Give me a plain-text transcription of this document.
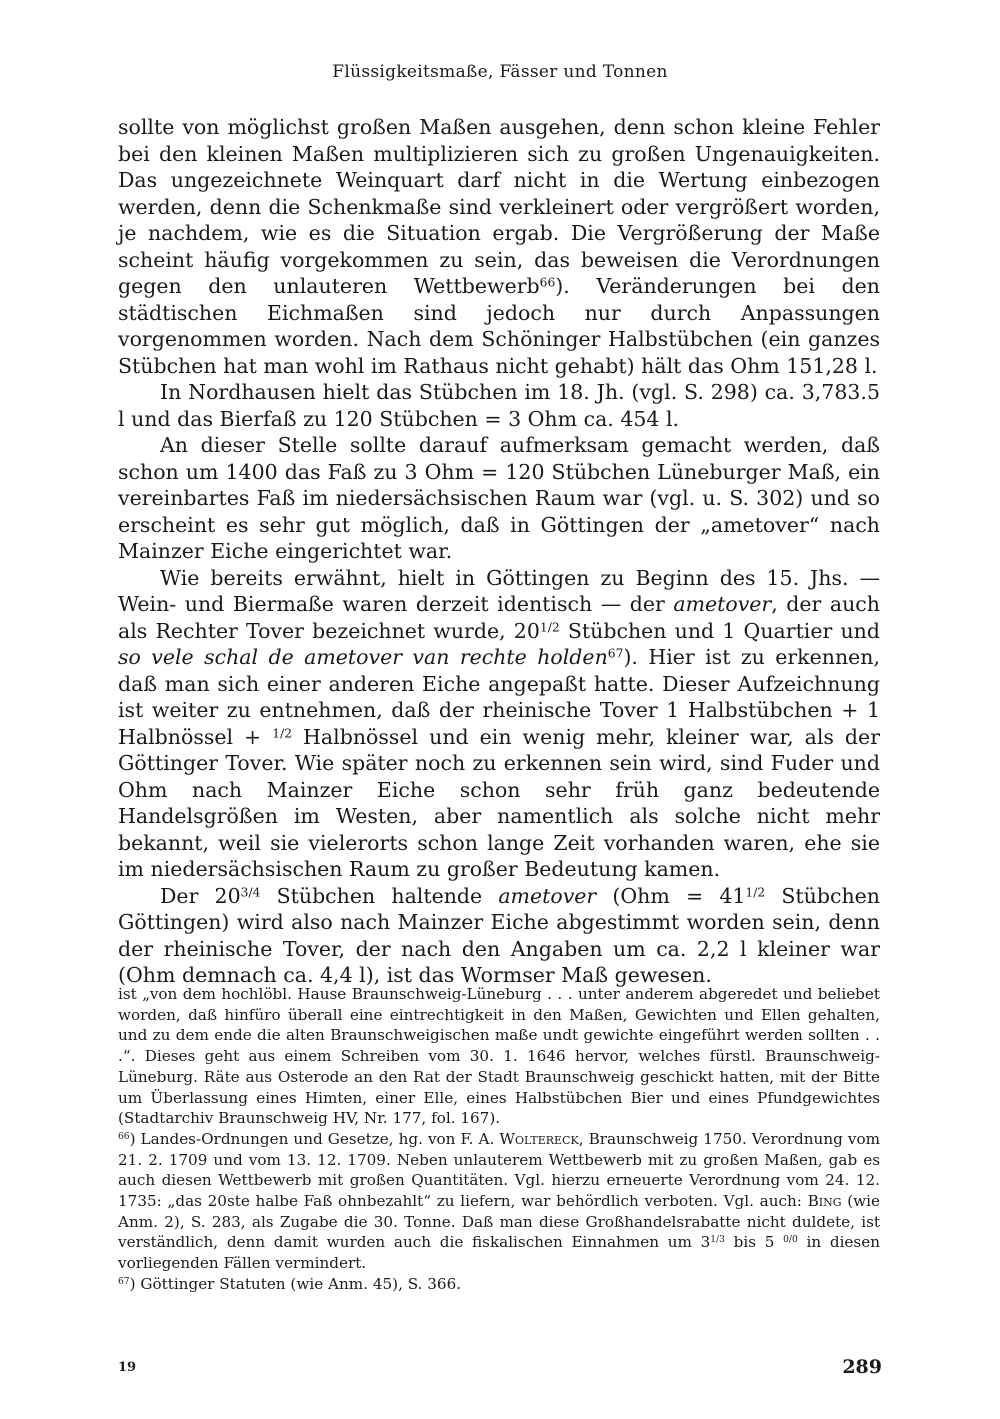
Flüssigkeitsmaße, Fässer und Tonnen

sollte von möglichst großen Maßen ausgehen, denn schon kleine Fehler bei den kleinen Maßen multiplizieren sich zu großen Ungenauigkeiten. Das ungezeichnete Weinquart darf nicht in die Wertung einbezogen werden, denn die Schenkmaße sind verkleinert oder vergrößert worden, je nachdem, wie es die Situation ergab. Die Vergrößerung der Maße scheint häufig vorgekommen zu sein, das beweisen die Verordnungen gegen den unlauteren Wettbewerb$^{66}$). Veränderungen bei den städtischen Eichmaßen sind jedoch nur durch Anpassungen vorgenommen worden. Nach dem Schöninger Halbstübchen (ein ganzes Stübchen hat man wohl im Rathaus nicht gehabt) hält das Ohm 151,28 l.

In Nordhausen hielt das Stübchen im 18. Jh. (vgl. S. 298) ca. 3,783.5 l und das Bierfaß zu 120 Stübchen = 3 Ohm ca. 454 l.

An dieser Stelle sollte darauf aufmerksam gemacht werden, daß schon um 1400 das Faß zu 3 Ohm = 120 Stübchen Lüneburger Maß, ein vereinbartes Faß im niedersächsischen Raum war (vgl. u. S. 302) und so erscheint es sehr gut möglich, daß in Göttingen der „ametover“ nach Mainzer Eiche eingerichtet war.

Wie bereits erwähnt, hielt in Göttingen zu Beginn des 15. Jhs. — Wein- und Biermaße waren derzeit identisch — der ametover, der auch als Rechter Tover bezeichnet wurde, $20^{1/2}$ Stübchen und 1 Quartier und so vele schal de ametover van rechte holden$^{67}$). Hier ist zu erkennen, daß man sich einer anderen Eiche angepaßt hatte. Dieser Aufzeichnung ist weiter zu entnehmen, daß der rheinische Tover 1 Halbstübchen + 1 Halbnössel + $^{1/2}$ Halbnössel und ein wenig mehr, kleiner war, als der Göttinger Tover. Wie später noch zu erkennen sein wird, sind Fuder und Ohm nach Mainzer Eiche schon sehr früh ganz bedeutende Handelsgrößen im Westen, aber namentlich als solche nicht mehr bekannt, weil sie vielerorts schon lange Zeit vorhanden waren, ehe sie im niedersächsischen Raum zu großer Bedeutung kamen.

Der $20^{3/4}$ Stübchen haltende ametover ($Ohm = 41^{1/2}$ Stübchen Göttingen) wird also nach Mainzer Eiche abgestimmt worden sein, denn der rheinische Tover, der nach den Angaben um ca. 2,2 l kleiner war (Ohm demnach ca. 4,4 l), ist das Wormser Maß gewesen.

ist „von dem hochlöbl. Hause Braunschweig-Lüneburg . . . unter anderem abgeredet und beliebet worden, daß hinfüro überall eine eintrechtigkeit in den Maßen, Gewichten und Ellen gehalten, und zu dem ende die alten Braunschweigischen maße undt gewichte eingeführt werden sollten . . .“. Dieses geht aus einem Schreiben vom 30. 1. 1646 hervor, welches fürstl. Braunschweig-Lüneburg. Räte aus Osterode an den Rat der Stadt Braunschweig geschickt hatten, mit der Bitte um Überlassung eines Himten, einer Elle, eines Halbstübchen Bier und eines Pfundgewichtes (Stadtarchiv Braunschweig HV, Nr. 177, fol. 167).

$^{66}$) Landes-Ordnungen und Gesetze, hg. von F. A. Woltereck, Braunschweig 1750. Verordnung vom 21. 2. 1709 und vom 13. 12. 1709. Neben unlauterem Wettbewerb mit zu großen Maßen, gab es auch diesen Wettbewerb mit großen Quantitäten. Vgl. hierzu erneuerte Verordnung vom 24. 12. 1735: „das 20ste halbe Faß ohnbezahlt“ zu liefern, war behördlich verboten. Vgl. auch: Bing (wie Anm. 2), S. 283, als Zugabe die 30. Tonne. Daß man diese Großhandelsrabatte nicht duldete, ist verständlich, denn damit wurden auch die fiskalischen Einnahmen um $3^{1/3}$ bis 5 $^{0/0}$ in diesen vorliegenden Fällen vermindert.

$^{67}$) Göttinger Statuten (wie Anm. 45), S. 366.

19	289
